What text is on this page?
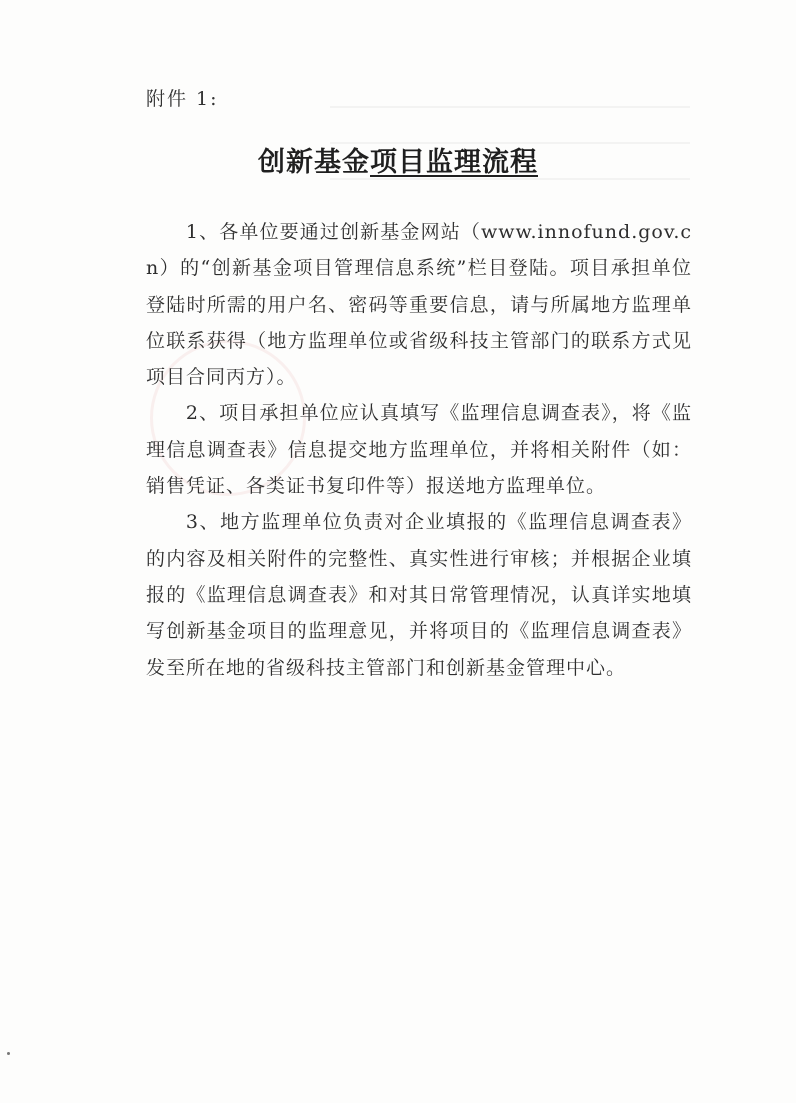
附件 1:
创新基金项目监理流程

1、各单位要通过创新基金网站（www.innofund.gov.cn）的“创新基金项目管理信息系统”栏目登陆。项目承担单位登陆时所需的用户名、密码等重要信息，请与所属地方监理单位联系获得（地方监理单位或省级科技主管部门的联系方式见项目合同丙方）。

2、项目承担单位应认真填写《监理信息调查表》，将《监理信息调查表》信息提交地方监理单位，并将相关附件（如：销售凭证、各类证书复印件等）报送地方监理单位。

3、地方监理单位负责对企业填报的《监理信息调查表》的内容及相关附件的完整性、真实性进行审核；并根据企业填报的《监理信息调查表》和对其日常管理情况，认真详实地填写创新基金项目的监理意见，并将项目的《监理信息调查表》发至所在地的省级科技主管部门和创新基金管理中心。
